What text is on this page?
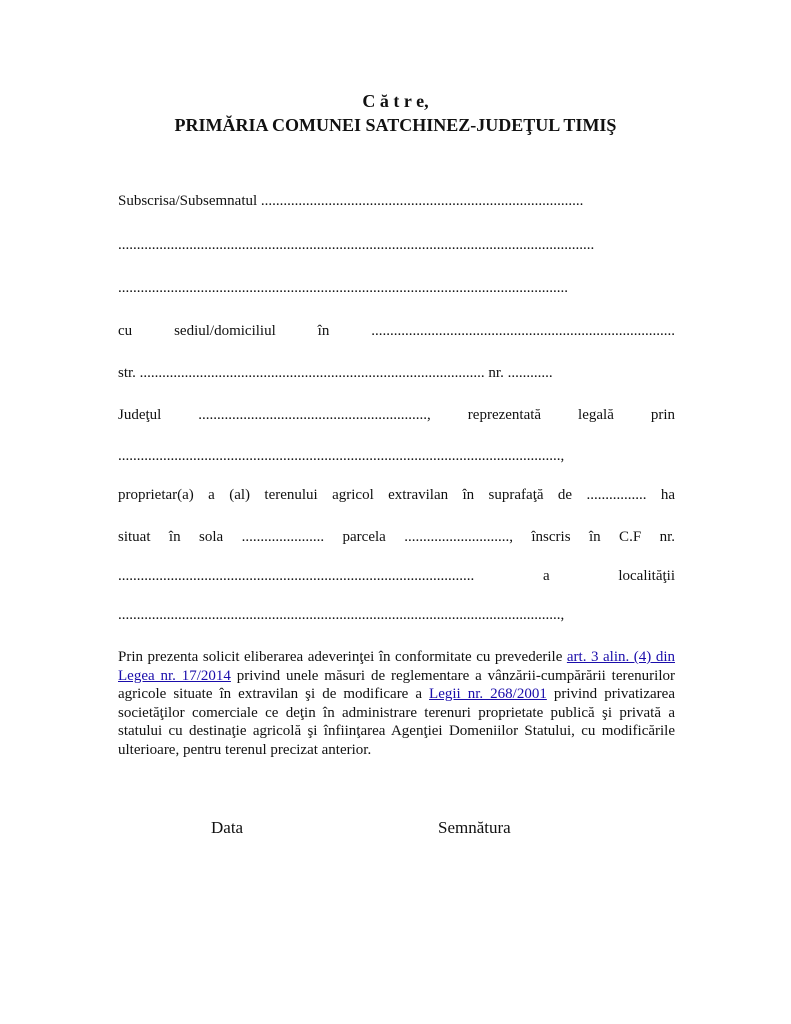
C ă t r e,
PRIMĂRIA COMUNEI SATCHINEZ-JUDEŢUL TIMIŞ
Subscrisa/Subsemnatul ......................................................................................
...............................................................................................................................
........................................................................................................................
cu sediul/domiciliul în .................................................................................
str. ............................................................................................ nr. ............
Judeţul ............................................................., reprezentată legală prin
......................................................................................................................,
proprietar(a) a (al) terenului agricol extravilan în suprafaţă de ................ ha
situat în sola ...................... parcela ............................, înscris în C.F nr.
............................................................................................... a localităţii
......................................................................................................................,
Prin prezenta solicit eliberarea adeverinţei în conformitate cu prevederile art. 3 alin. (4) din Legea nr. 17/2014 privind unele măsuri de reglementare a vânzării-cumpărării terenurilor agricole situate în extravilan şi de modificare a Legii nr. 268/2001 privind privatizarea societăţilor comerciale ce deţin în administrare terenuri proprietate publică şi privată a statului cu destinaţie agricolă şi înfiinţarea Agenţiei Domeniilor Statului, cu modificările ulterioare, pentru terenul precizat anterior.
Data	Semnătura
